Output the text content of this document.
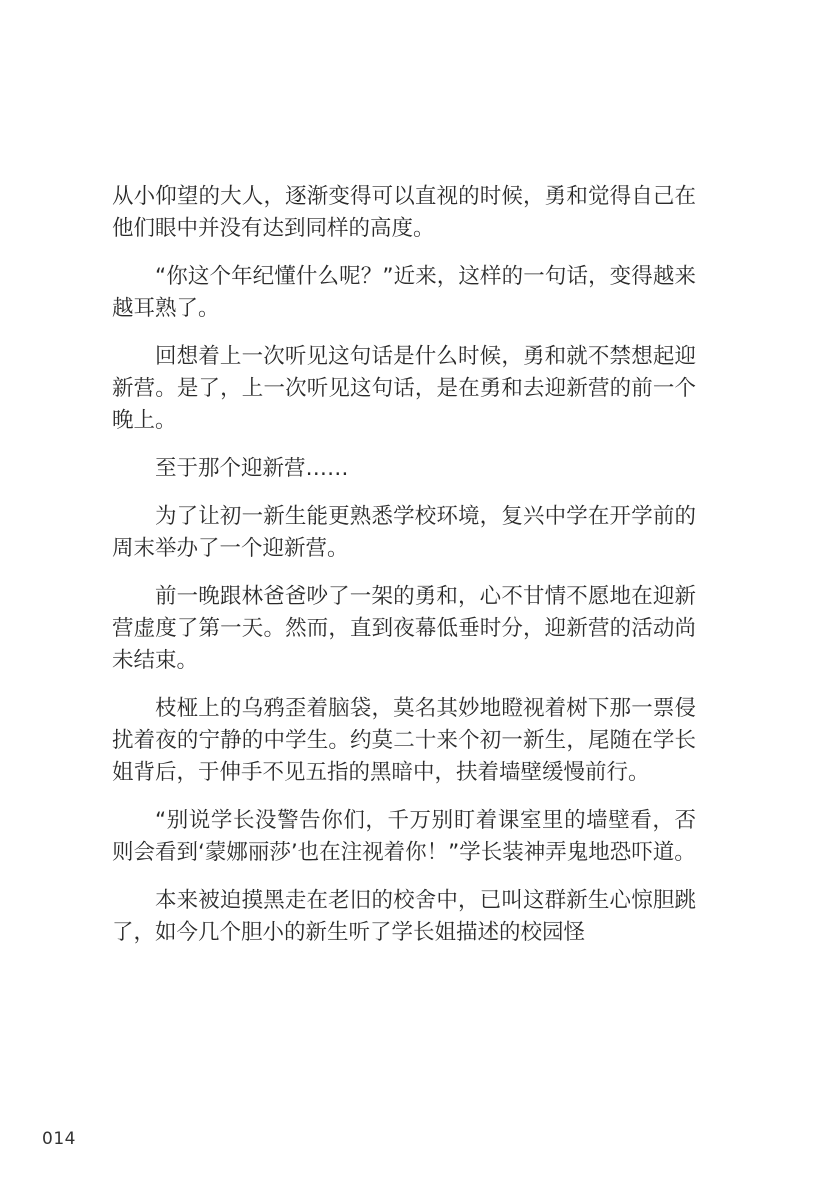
从小仰望的大人，逐渐变得可以直视的时候，勇和觉得自己在他们眼中并没有达到同样的高度。

“你这个年纪懂什么呢？”近来，这样的一句话，变得越来越耳熟了。

回想着上一次听见这句话是什么时候，勇和就不禁想起迎新营。是了，上一次听见这句话，是在勇和去迎新营的前一个晚上。

至于那个迎新营……

为了让初一新生能更熟悉学校环境，复兴中学在开学前的周末举办了一个迎新营。

前一晚跟林爸爸吵了一架的勇和，心不甘情不愿地在迎新营虚度了第一天。然而，直到夜幕低垂时分，迎新营的活动尚未结束。

枝桠上的乌鸦歪着脑袋，莫名其妙地瞪视着树下那一票侵扰着夜的宁静的中学生。约莫二十来个初一新生，尾随在学长姐背后，于伸手不见五指的黑暗中，扶着墙壁缓慢前行。

“别说学长没警告你们，千万别盯着课室里的墙壁看，否则会看到‘蒙娜丽莎’也在注视着你！”学长装神弄鬼地恐吓道。

本来被迫摸黑走在老旧的校舍中，已叫这群新生心惊胆跳了，如今几个胆小的新生听了学长姐描述的校园怪

014
